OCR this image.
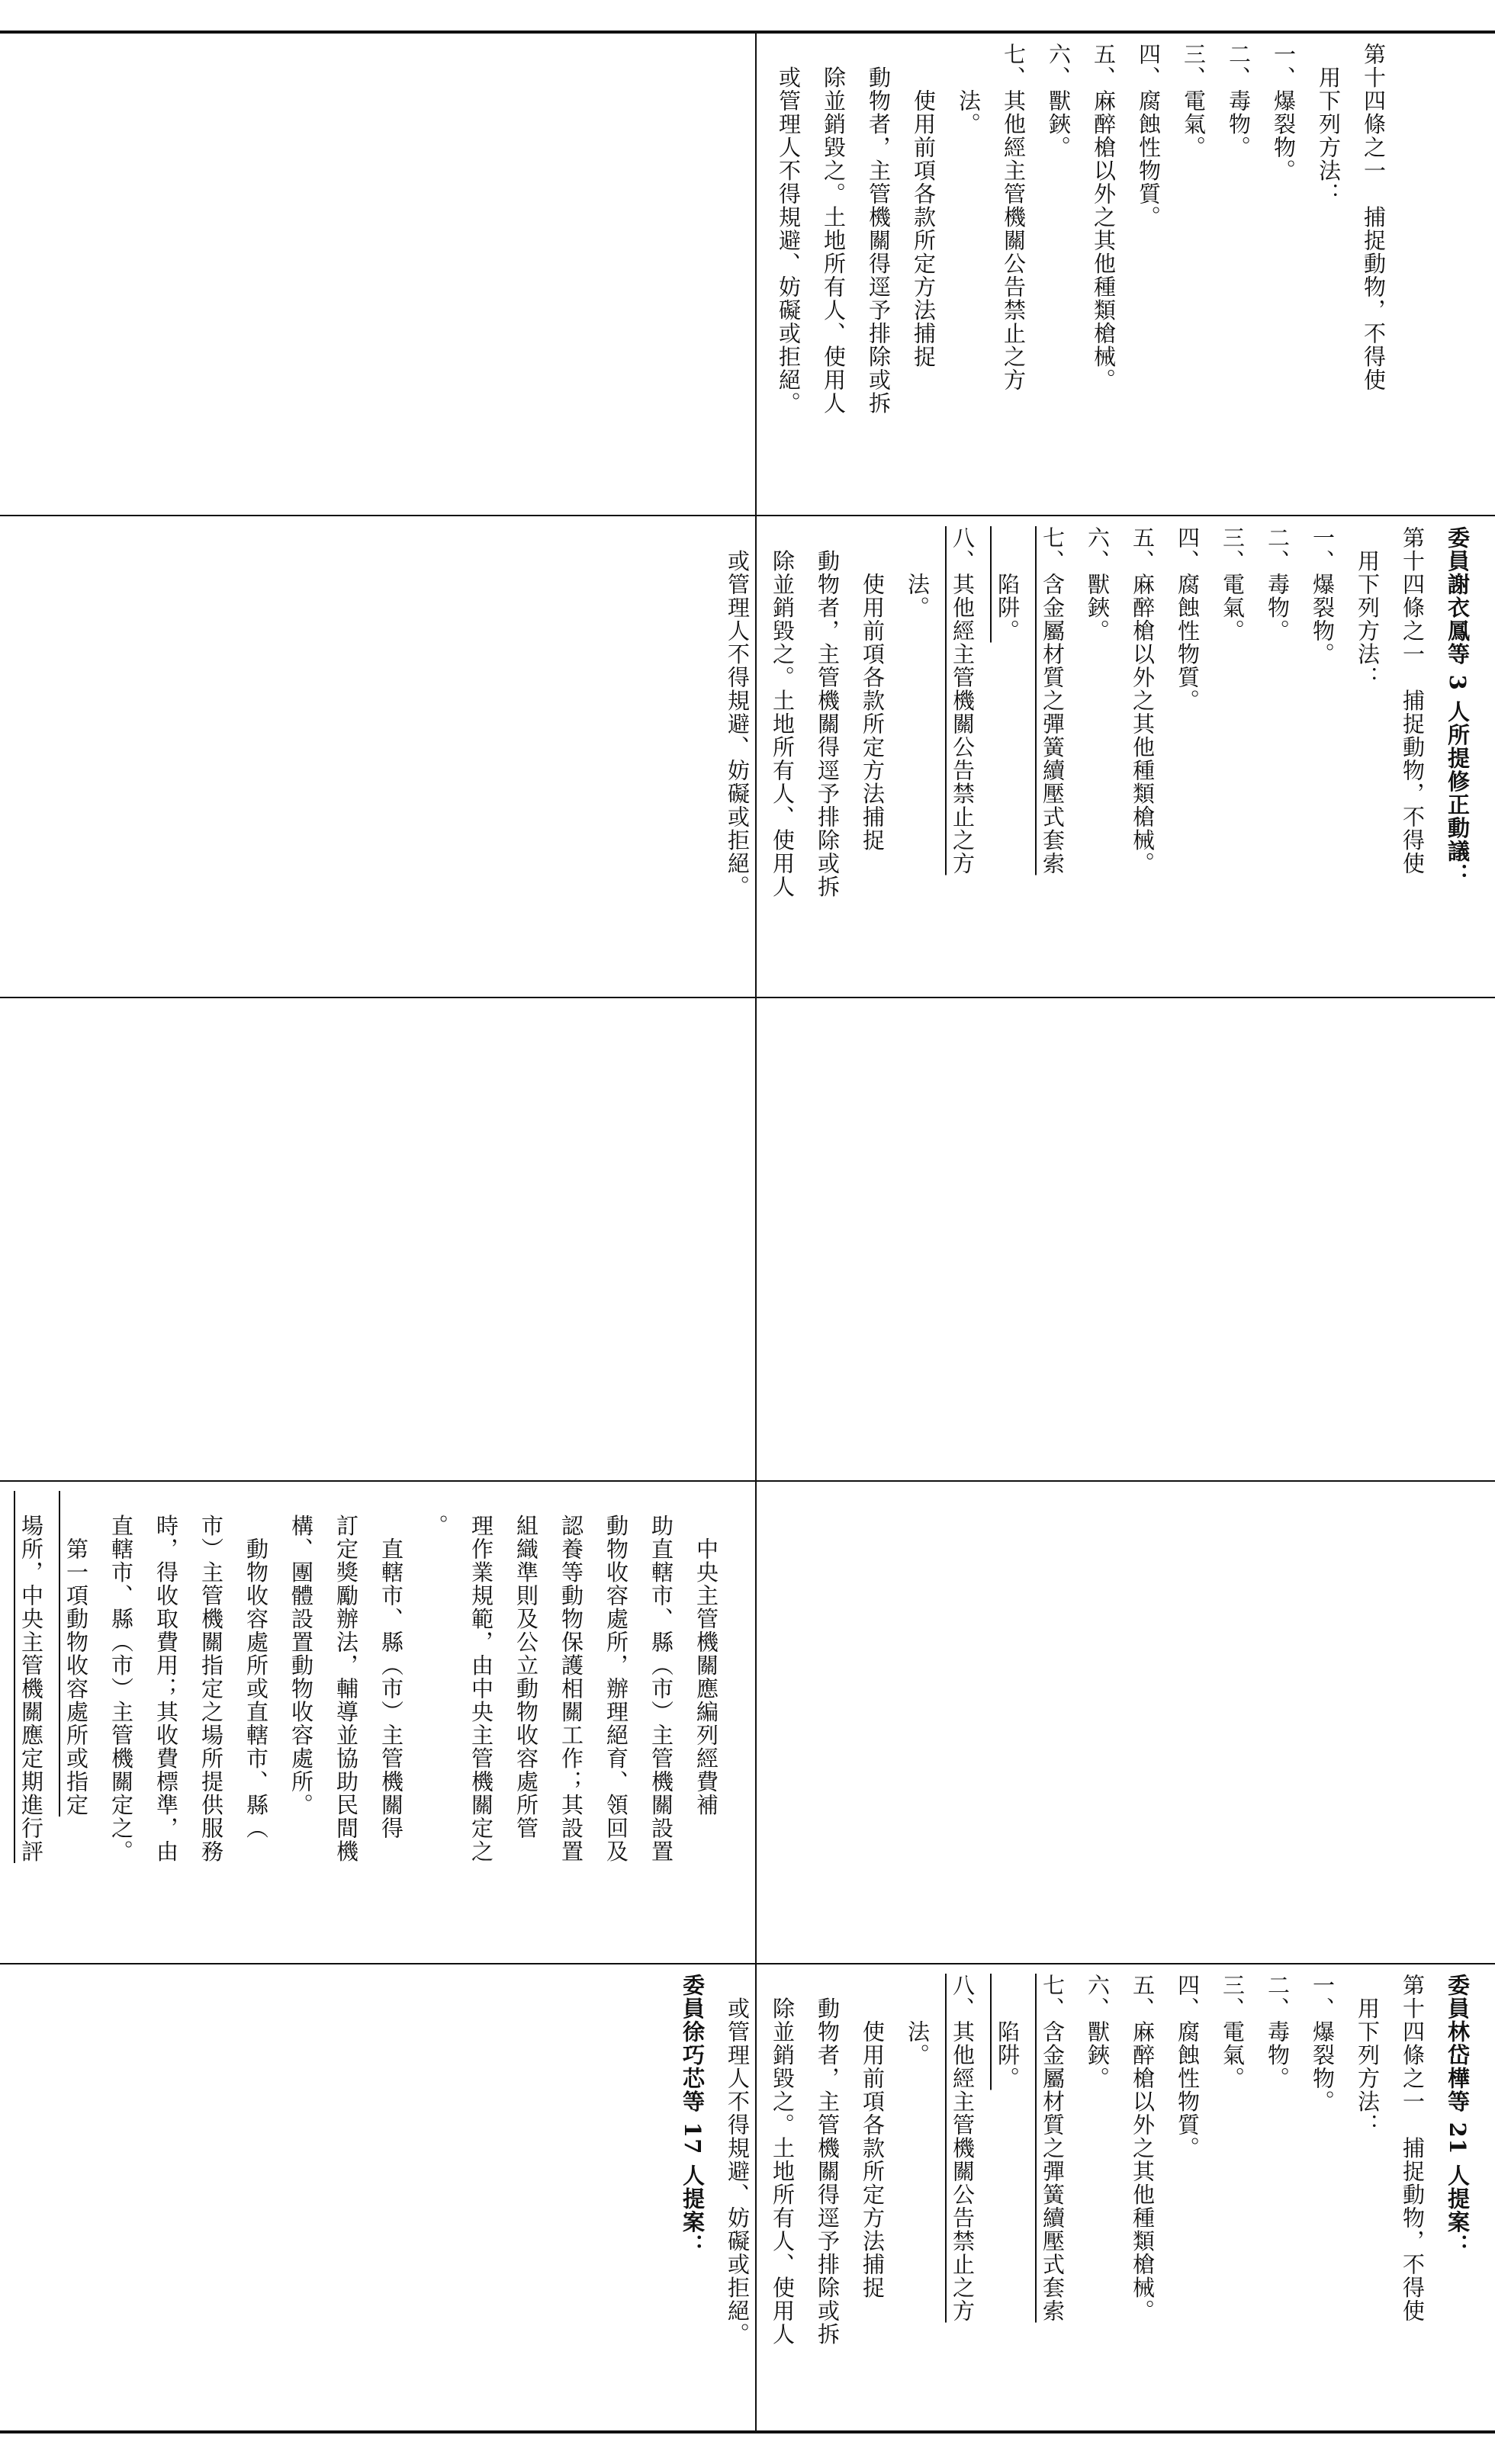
第十四條之一　捕捉動物，不得使
　用下列方法：
一、爆裂物。
二、毒物。
三、電氣。
四、腐蝕性物質。
五、麻醉槍以外之其他種類槍械。
六、獸鋏。
七、其他經主管機關公告禁止之方
　　法。
　　使用前項各款所定方法捕捉
　動物者，主管機關得逕予排除或拆
　除並銷毀之。土地所有人、使用人
　或管理人不得規避、妨礙或拒絕。
委員謝衣鳳等 3 人所提修正動議：
第十四條之一　捕捉動物，不得使
　用下列方法：
一、爆裂物。
二、毒物。
三、電氣。
四、腐蝕性物質。
五、麻醉槍以外之其他種類槍械。
六、獸鋏。
七、含金屬材質之彈簧續壓式套索
　　陷阱。
八、其他經主管機關公告禁止之方
　　法。
　　使用前項各款所定方法捕捉
　動物者，主管機關得逕予排除或拆
　除並銷毀之。土地所有人、使用人
　或管理人不得規避、妨礙或拒絕。
　　中央主管機關應編列經費補
　助直轄市、縣（市）主管機關設置
　動物收容處所，辦理絕育、領回及
　認養等動物保護相關工作；其設置
　組織準則及公立動物收容處所管
　理作業規範，由中央主管機關定之
　。
　　直轄市、縣（市）主管機關得
　訂定獎勵辦法，輔導並協助民間機
　構、團體設置動物收容處所。
　　動物收容處所或直轄市、縣（
　市）主管機關指定之場所提供服務
　時，得收取費用；其收費標準，由
　直轄市、縣（市）主管機關定之。
　　第一項動物收容處所或指定
　場所，中央主管機關應定期進行評
委員林岱樺等 21 人提案：
第十四條之一　捕捉動物，不得使
　用下列方法：
一、爆裂物。
二、毒物。
三、電氣。
四、腐蝕性物質。
五、麻醉槍以外之其他種類槍械。
六、獸鋏。
七、含金屬材質之彈簧續壓式套索
　　陷阱。
八、其他經主管機關公告禁止之方
　　法。
　　使用前項各款所定方法捕捉
　動物者，主管機關得逕予排除或拆
　除並銷毀之。土地所有人、使用人
　或管理人不得規避、妨礙或拒絕。
委員徐巧芯等 17 人提案：
